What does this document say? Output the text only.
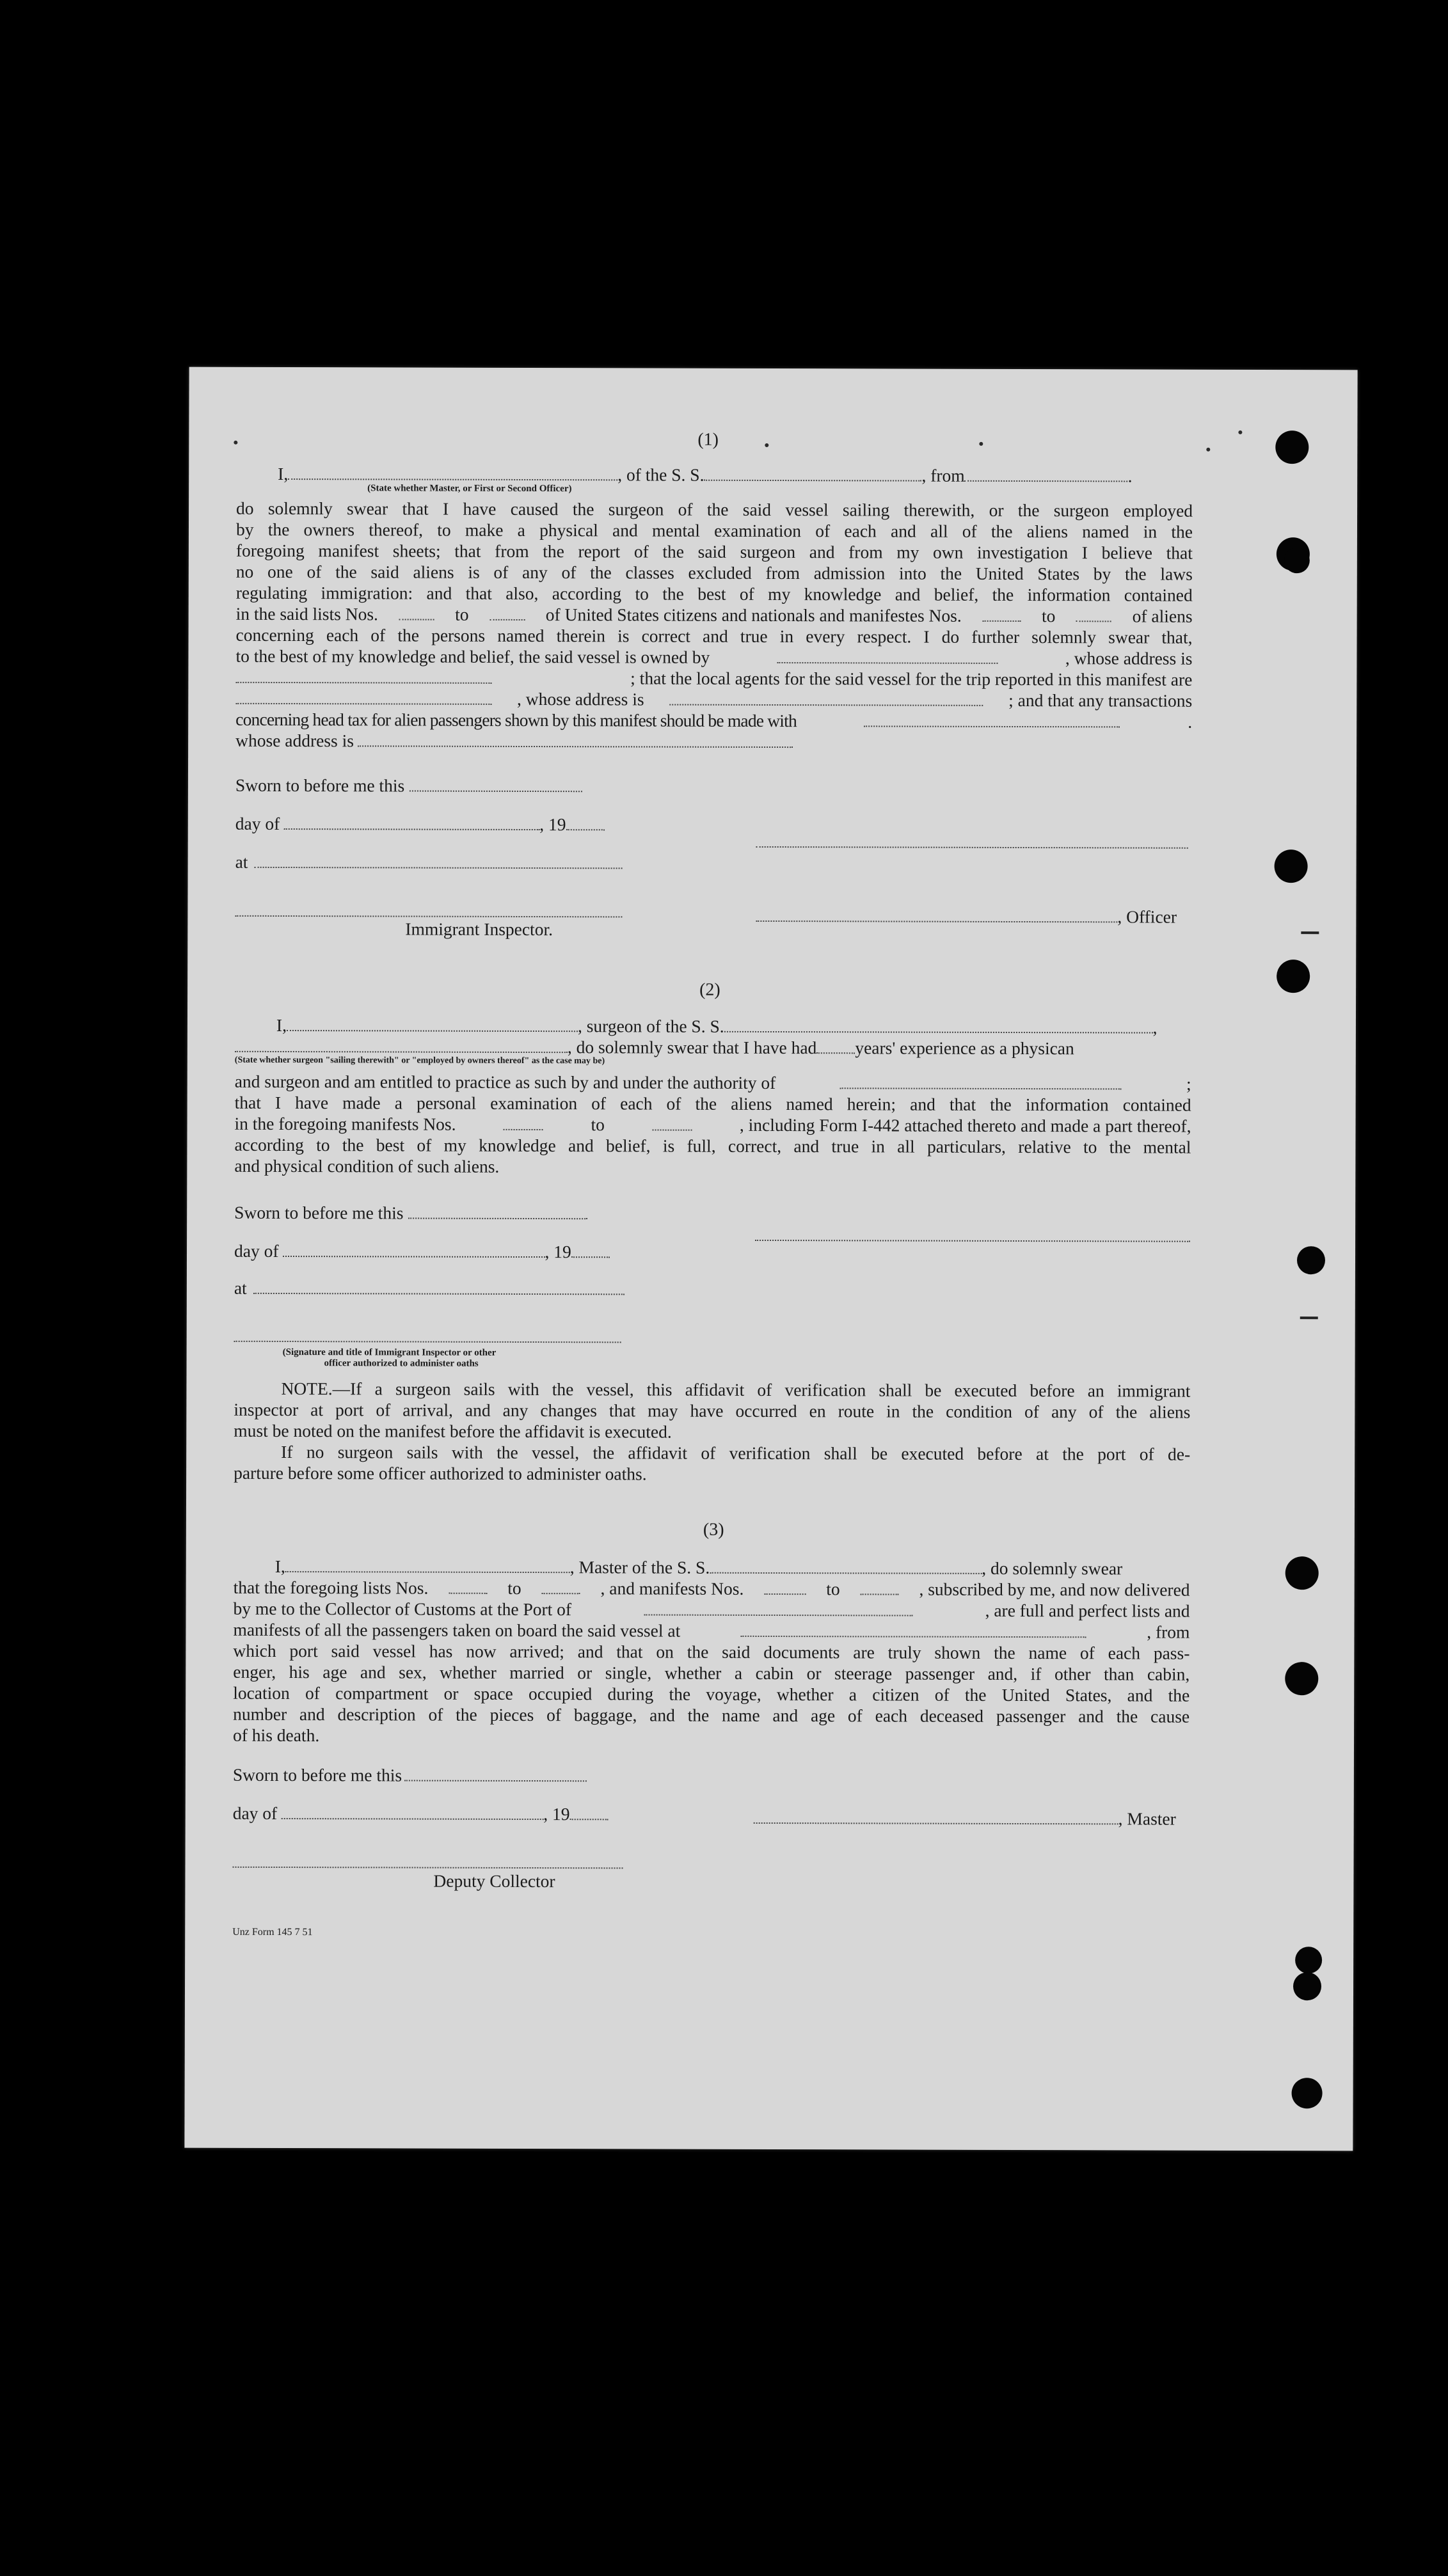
(1)
I,	, of the S. S.	, from	.
(State whether Master, or First or Second Officer)
do solemnly swear that I have caused the surgeon of the said vessel sailing therewith, or the surgeon employed
by the owners thereof, to make a physical and mental examination of each and all of the aliens named in the
foregoing manifest sheets; that from the report of the said surgeon and from my own investigation I believe that
no one of the said aliens is of any of the classes excluded from admission into the United States by the laws
regulating immigration: and that also, according to the best of my knowledge and belief, the information contained
in the said lists Nos.	to	of United States citizens and nationals and manifestes Nos.	to	of aliens
concerning each of the persons named therein is correct and true in every respect. I do further solemnly swear that,
to the best of my knowledge and belief, the said vessel is owned by	, whose address is
; that the local agents for the said vessel for the trip reported in this manifest are
, whose address is	; and that any transactions
concerning head tax for alien passengers shown by this manifest should be made with	.
whose address is
Sworn to before me this
day of	, 19
at
Immigrant Inspector.
, Officer
(2)
I,	, surgeon of the S. S.	,
, do solemnly swear that I have had years' experience as a physican
(State whether surgeon "sailing therewith" or "employed by owners thereof" as the case may be)
and surgeon and am entitled to practice as such by and under the authority of	;
that I have made a personal examination of each of the aliens named herein; and that the information contained
in the foregoing manifests Nos.	to	, including Form I-442 attached thereto and made a part thereof,
according to the best of my knowledge and belief, is full, correct, and true in all particulars, relative to the mental
and physical condition of such aliens.
Sworn to before me this
day of	, 19
at
(Signature and title of Immigrant Inspector or other
officer authorized to administer oaths
NOTE.—If a surgeon sails with the vessel, this affidavit of verification shall be executed before an immigrant
inspector at port of arrival, and any changes that may have occurred en route in the condition of any of the aliens
must be noted on the manifest before the affidavit is executed.
If no surgeon sails with the vessel, the affidavit of verification shall be executed before at the port of de-
parture before some officer authorized to administer oaths.
(3)
I,	, Master of the S. S.	, do solemnly swear
that the foregoing lists Nos.	to	, and manifests Nos.	to	, subscribed by me, and now delivered
by me to the Collector of Customs at the Port of	, are full and perfect lists and
manifests of all the passengers taken on board the said vessel at	, from
which port said vessel has now arrived; and that on the said documents are truly shown the name of each pass-
enger, his age and sex, whether married or single, whether a cabin or steerage passenger and, if other than cabin,
location of compartment or space occupied during the voyage, whether a citizen of the United States, and the
number and description of the pieces of baggage, and the name and age of each deceased passenger and the cause
of his death.
Sworn to before me this
day of	, 19	, Master
Deputy Collector
Unz Form 145 7 51
